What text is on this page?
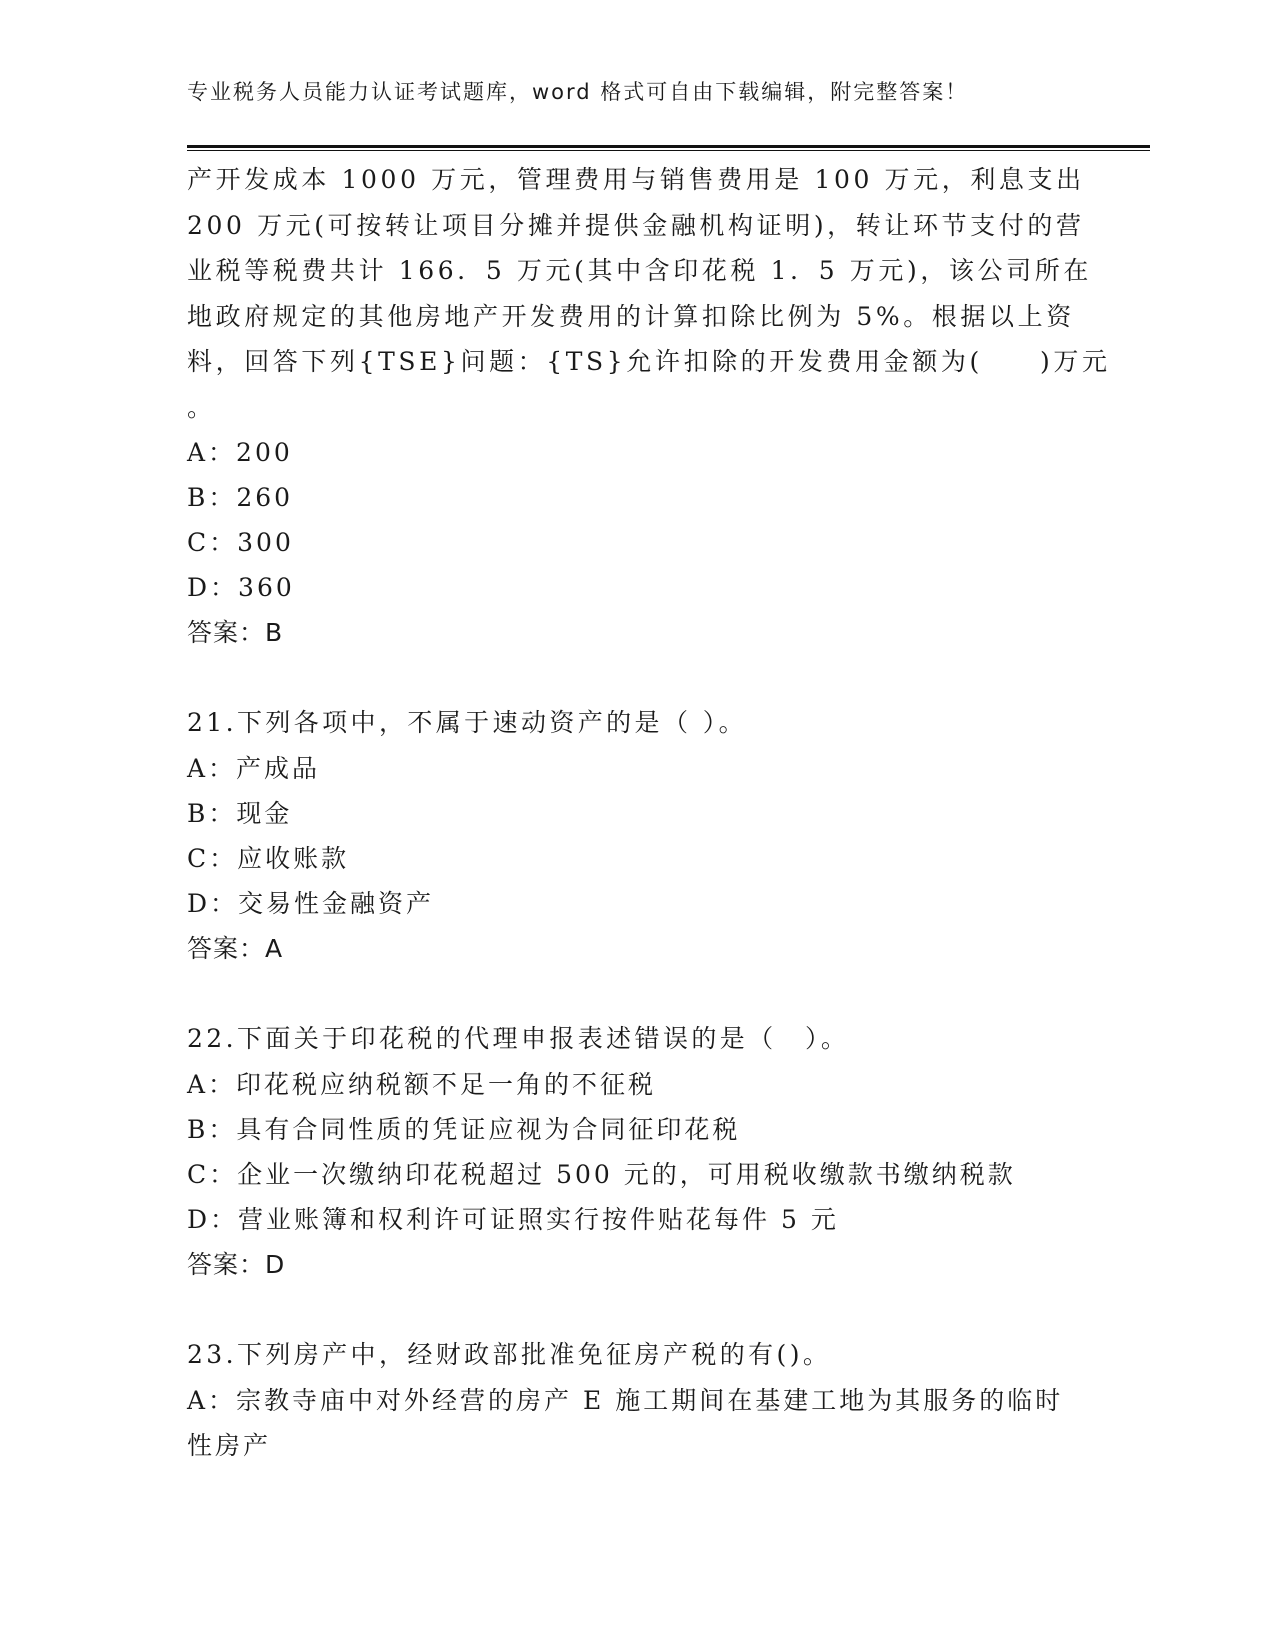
专业税务人员能力认证考试题库，word 格式可自由下载编辑，附完整答案！
产开发成本 1000 万元，管理费用与销售费用是 100 万元，利息支出
200 万元(可按转让项目分摊并提供金融机构证明)，转让环节支付的营
业税等税费共计 166．5 万元(其中含印花税 1．5 万元)，该公司所在
地政府规定的其他房地产开发费用的计算扣除比例为 5%。根据以上资
料，回答下列{TSE}问题：{TS}允许扣除的开发费用金额为(　　)万元
。
A：200
B：260
C：300
D：360
答案：B
21.下列各项中，不属于速动资产的是（ ）。
A：产成品
B：现金
C：应收账款
D：交易性金融资产
答案：A
22.下面关于印花税的代理申报表述错误的是（　）。
A：印花税应纳税额不足一角的不征税
B：具有合同性质的凭证应视为合同征印花税
C：企业一次缴纳印花税超过 500 元的，可用税收缴款书缴纳税款
D：营业账簿和权利许可证照实行按件贴花每件 5 元
答案：D
23.下列房产中，经财政部批准免征房产税的有()。
A：宗教寺庙中对外经营的房产 E 施工期间在基建工地为其服务的临时
性房产
